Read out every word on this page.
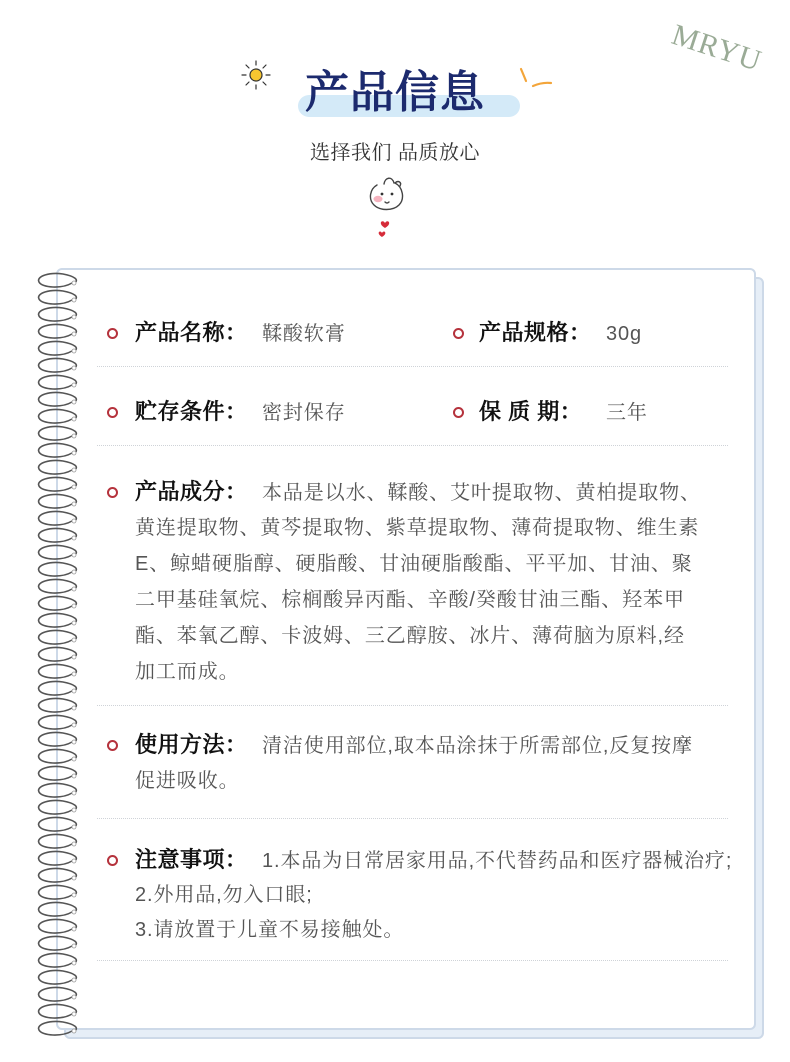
MRYU
产品信息
选择我们 品质放心
产品名称： 鞣酸软膏	产品规格： 30g
贮存条件： 密封保存	保 质 期： 三年
产品成分： 本品是以水、鞣酸、艾叶提取物、黄柏提取物、
黄连提取物、黄芩提取物、紫草提取物、薄荷提取物、维生素
E、鲸蜡硬脂醇、硬脂酸、甘油硬脂酸酯、平平加、甘油、聚
二甲基硅氧烷、棕榈酸异丙酯、辛酸/癸酸甘油三酯、羟苯甲
酯、苯氧乙醇、卡波姆、三乙醇胺、冰片、薄荷脑为原料,经
加工而成。
使用方法： 清洁使用部位,取本品涂抹于所需部位,反复按摩
促进吸收。
注意事项： 1.本品为日常居家用品,不代替药品和医疗器械治疗;
2.外用品,勿入口眼;
3.请放置于儿童不易接触处。
